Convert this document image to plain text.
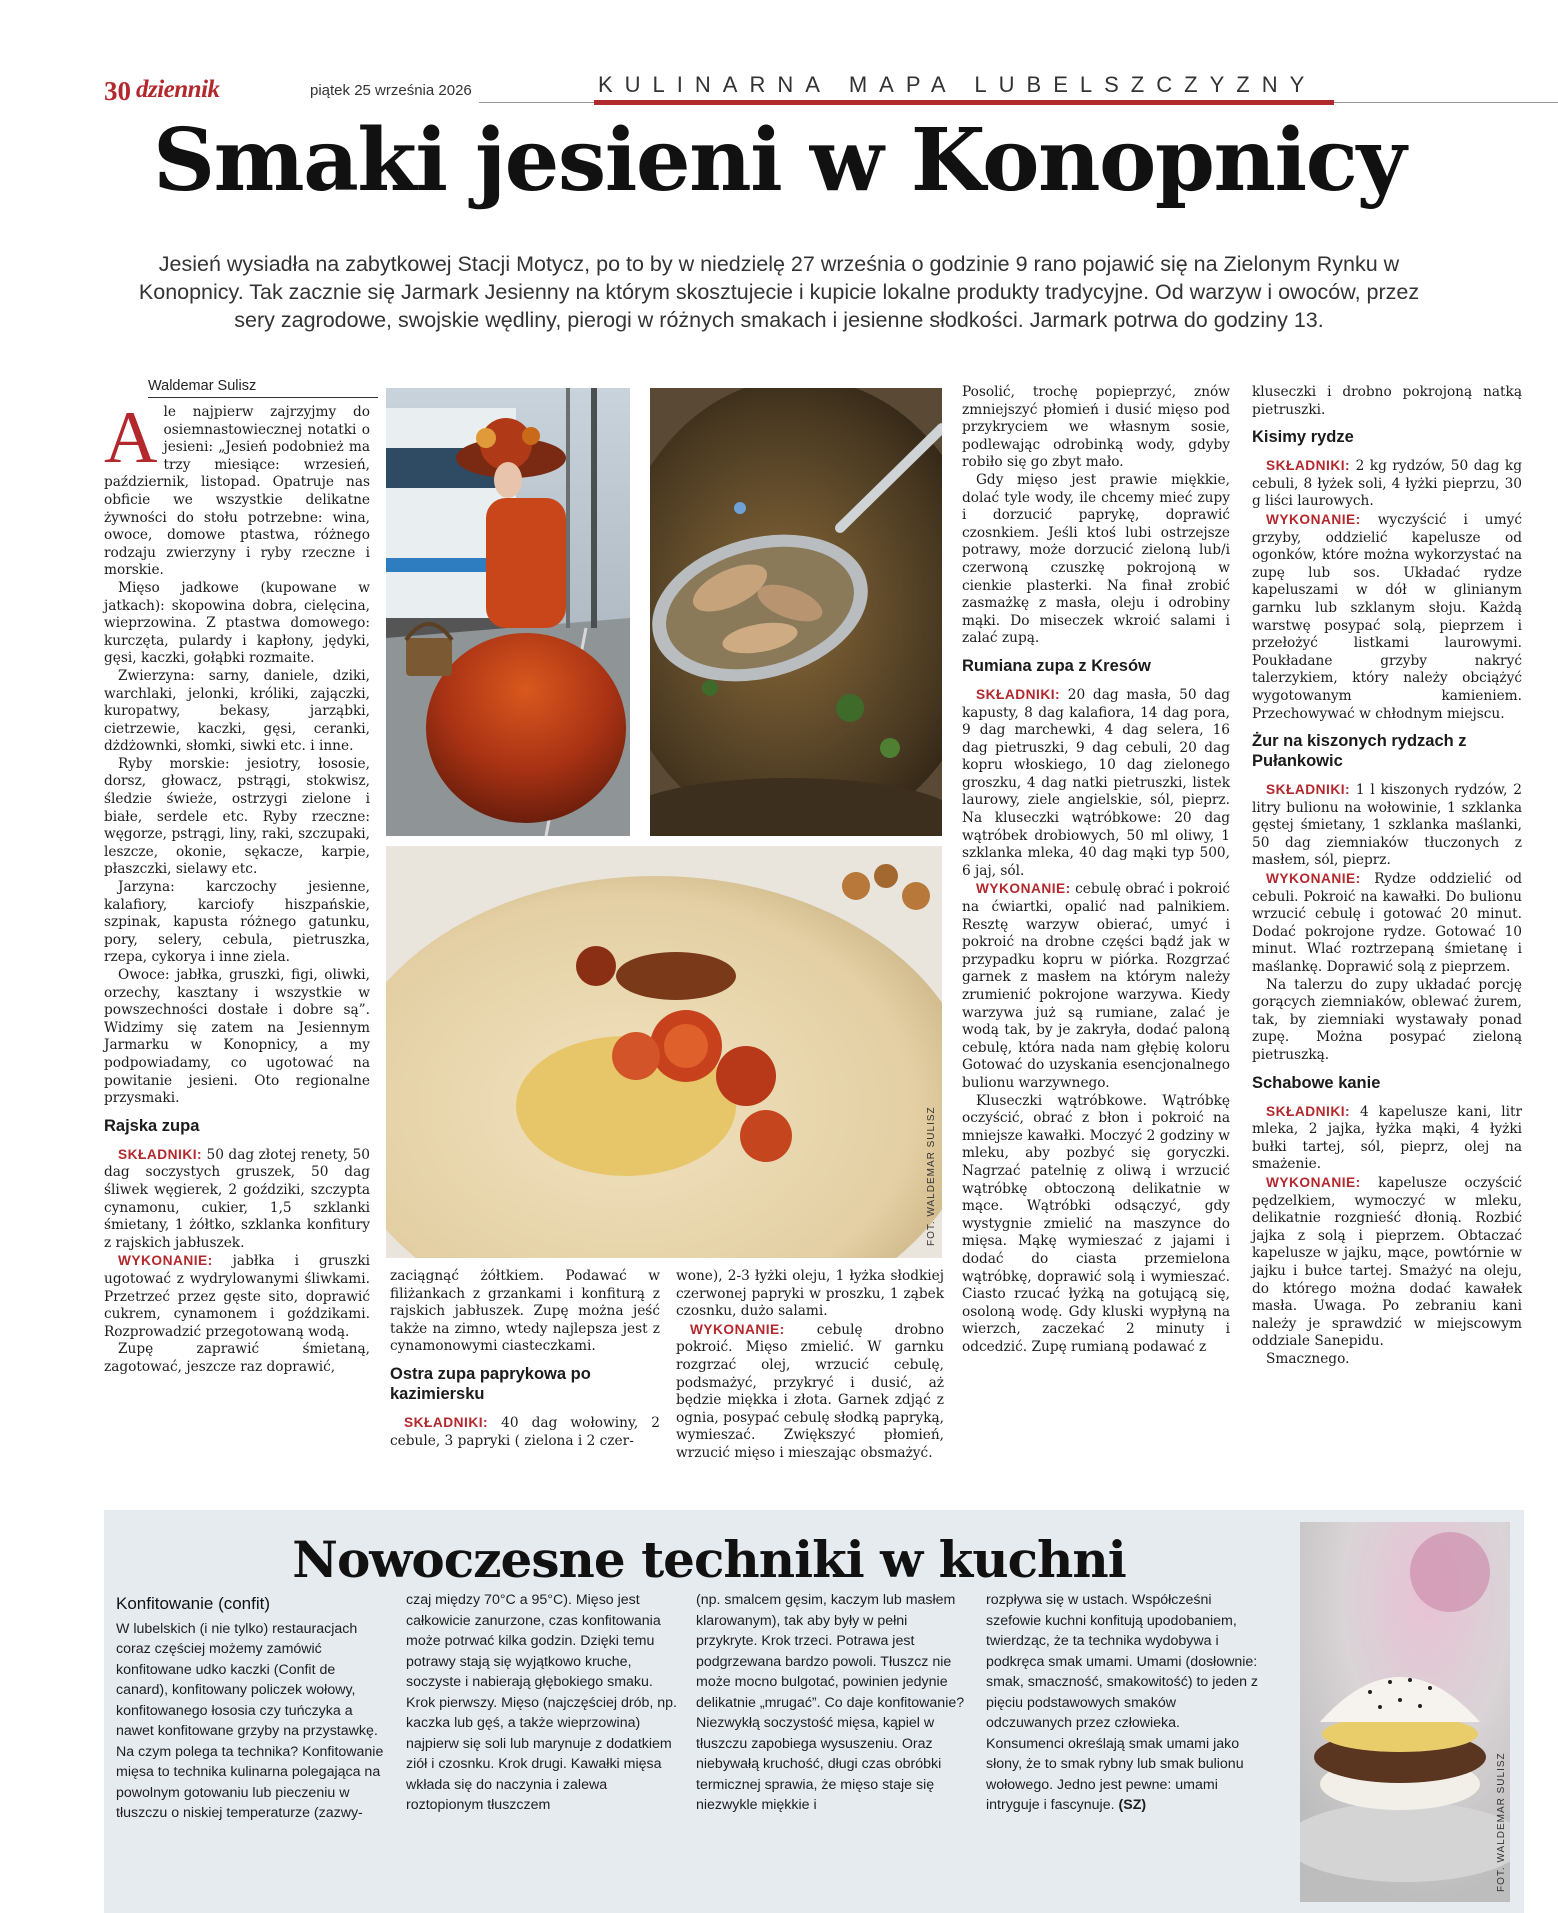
30 dziennik	piątek 25 września 2026	KULINARNA MAPA LUBELSZCZYZNY
Smaki jesieni w Konopnicy

Jesień wysiadła na zabytkowej Stacji Motycz, po to by w niedzielę 27 września o godzinie 9 rano pojawić się na Zielonym Rynku w Konopnicy. Tak zacznie się Jarmark Jesienny na którym skosztujecie i kupicie lokalne produkty tradycyjne. Od warzyw i owoców, przez sery zagrodowe, swojskie wędliny, pierogi w różnych smakach i jesienne słodkości. Jarmark potrwa do godziny 13.

Waldemar Sulisz
A le najpierw zajrzyjmy do osiemnastowiecznej notatki o jesieni: „Jesień podobnież ma trzy miesiące: wrzesień, październik, listopad. Opatruje nas obficie we wszystkie delikatne żywności do stołu potrzebne: wina, owoce, domowe ptastwa, różnego rodzaju zwierzyny i ryby rzeczne i morskie.

Mięso jadkowe (kupowane w jatkach): skopowina dobra, cielęcina, wieprzowina. Z ptastwa domowego: kurczęta, pulardy i kapłony, jędyki, gęsi, kaczki, gołąbki rozmaite.

Zwierzyna: sarny, daniele, dziki, warchlaki, jelonki, króliki, zajączki, kuropatwy, bekasy, jarząbki, cietrzewie, kaczki, gęsi, ceranki, dżdżownki, słomki, siwki etc. i inne.

Ryby morskie: jesiotry, łososie, dorsz, głowacz, pstrągi, stokwisz, śledzie świeże, ostrzygi zielone i białe, serdele etc. Ryby rzeczne: węgorze, pstrągi, liny, raki, szczupaki, leszcze, okonie, sękacze, karpie, płaszczki, sielawy etc.

Jarzyna: karczochy jesienne, kalafiory, karciofy hiszpańskie, szpinak, kapusta różnego gatunku, pory, selery, cebula, pietruszka, rzepa, cykorya i inne ziela.

Owoce: jabłka, gruszki, figi, oliwki, orzechy, kasztany i wszystkie w powszechności dostałe i dobre są”. Widzimy się zatem na Jesiennym Jarmarku w Konopnicy, a my podpowiadamy, co ugotować na powitanie jesieni. Oto regionalne przysmaki.

Rajska zupa

SKŁADNIKI: 50 dag złotej renety, 50 dag soczystych gruszek, 50 dag śliwek węgierek, 2 goździki, szczypta cynamonu, cukier, 1,5 szklanki śmietany, 1 żółtko, szklanka konfitury z rajskich jabłuszek.

WYKONANIE: jabłka i gruszki ugotować z wydrylowanymi śliwkami. Przetrzeć przez gęste sito, doprawić cukrem, cynamonem i goździkami. Rozprowadzić przegotowaną wodą.

Zupę zaprawić śmietaną, zagotować, jeszcze raz doprawić,

FOT. WALDEMAR SULISZ

zaciągnąć żółtkiem. Podawać w filiżankach z grzankami i konfiturą z rajskich jabłuszek. Zupę można jeść także na zimno, wtedy najlepsza jest z cynamonowymi ciasteczkami.

Ostra zupa paprykowa po kazimiersku

SKŁADNIKI: 40 dag wołowiny, 2 cebule, 3 papryki ( zielona i 2 czer-

wone), 2-3 łyżki oleju, 1 łyżka słodkiej czerwonej papryki w proszku, 1 ząbek czosnku, dużo salami.

WYKONANIE: cebulę drobno pokroić. Mięso zmielić. W garnku rozgrzać olej, wrzucić cebulę, podsmażyć, przykryć i dusić, aż będzie miękka i złota. Garnek zdjąć z ognia, posypać cebulę słodką papryką, wymieszać. Zwiększyć płomień, wrzucić mięso i mieszając obsmażyć.

Posolić, trochę popieprzyć, znów zmniejszyć płomień i dusić mięso pod przykryciem we własnym sosie, podlewając odrobinką wody, gdyby robiło się go zbyt mało.

Gdy mięso jest prawie miękkie, dolać tyle wody, ile chcemy mieć zupy i dorzucić paprykę, doprawić czosnkiem. Jeśli ktoś lubi ostrzejsze potrawy, może dorzucić zieloną lub/i czerwoną czuszkę pokrojoną w cienkie plasterki. Na finał zrobić zasmażkę z masła, oleju i odrobiny mąki. Do miseczek wkroić salami i zalać zupą.

Rumiana zupa z Kresów

SKŁADNIKI: 20 dag masła, 50 dag kapusty, 8 dag kalafiora, 14 dag pora, 9 dag marchewki, 4 dag selera, 16 dag pietruszki, 9 dag cebuli, 20 dag kopru włoskiego, 10 dag zielonego groszku, 4 dag natki pietruszki, listek laurowy, ziele angielskie, sól, pieprz. Na kluseczki wątróbkowe: 20 dag wątróbek drobiowych, 50 ml oliwy, 1 szklanka mleka, 40 dag mąki typ 500, 6 jaj, sól.

WYKONANIE: cebulę obrać i pokroić na ćwiartki, opalić nad palnikiem. Resztę warzyw obierać, umyć i pokroić na drobne części bądź jak w przypadku kopru w piórka. Rozgrzać garnek z masłem na którym należy zrumienić pokrojone warzywa. Kiedy warzywa już są rumiane, zalać je wodą tak, by je zakryła, dodać paloną cebulę, która nada nam głębię koloru Gotować do uzyskania esencjonalnego bulionu warzywnego.

Kluseczki wątróbkowe. Wątróbkę oczyścić, obrać z błon i pokroić na mniejsze kawałki. Moczyć 2 godziny w mleku, aby pozbyć się goryczki. Nagrzać patelnię z oliwą i wrzucić wątróbkę obtoczoną delikatnie w mące. Wątróbki odsączyć, gdy wystygnie zmielić na maszynce do mięsa. Mąkę wymieszać z jajami i dodać do ciasta przemielona wątróbkę, doprawić solą i wymieszać. Ciasto rzucać łyżką na gotującą się, osoloną wodę. Gdy kluski wypłyną na wierzch, zaczekać 2 minuty i odcedzić. Zupę rumianą podawać z

kluseczki i drobno pokrojoną natką pietruszki.

Kisimy rydze

SKŁADNIKI: 2 kg rydzów, 50 dag kg cebuli, 8 łyżek soli, 4 łyżki pieprzu, 30 g liści laurowych.

WYKONANIE: wyczyścić i umyć grzyby, oddzielić kapelusze od ogonków, które można wykorzystać na zupę lub sos. Układać rydze kapeluszami w dół w glinianym garnku lub szklanym słoju. Każdą warstwę posypać solą, pieprzem i przełożyć listkami laurowymi. Poukładane grzyby nakryć talerzykiem, który należy obciążyć wygotowanym kamieniem. Przechowywać w chłodnym miejscu.

Żur na kiszonych rydzach z Pułankowic

SKŁADNIKI: 1 l kiszonych rydzów, 2 litry bulionu na wołowinie, 1 szklanka gęstej śmietany, 1 szklanka maślanki, 50 dag ziemniaków tłuczonych z masłem, sól, pieprz.

WYKONANIE: Rydze oddzielić od cebuli. Pokroić na kawałki. Do bulionu wrzucić cebulę i gotować 20 minut. Dodać pokrojone rydze. Gotować 10 minut. Wlać roztrzepaną śmietanę i maślankę. Doprawić solą z pieprzem.

Na talerzu do zupy układać porcję gorących ziemniaków, oblewać żurem, tak, by ziemniaki wystawały ponad zupę. Można posypać zieloną pietruszką.

Schabowe kanie

SKŁADNIKI: 4 kapelusze kani, litr mleka, 2 jajka, łyżka mąki, 4 łyżki bułki tartej, sól, pieprz, olej na smażenie.

WYKONANIE: kapelusze oczyścić pędzelkiem, wymoczyć w mleku, delikatnie rozgnieść dłonią. Rozbić jajka z solą i pieprzem. Obtaczać kapelusze w jajku, mące, powtórnie w jajku i bułce tartej. Smażyć na oleju, do którego można dodać kawałek masła. Uwaga. Po zebraniu kani należy je sprawdzić w miejscowym oddziale Sanepidu.

Smacznego.

Nowoczesne techniki w kuchni
Konfitowanie (confit)

W lubelskich (i nie tylko) restauracjach coraz częściej możemy zamówić konfitowane udko kaczki (Confit de canard), konfitowany policzek wołowy, konfitowanego łososia czy tuńczyka a nawet konfitowane grzyby na przystawkę. Na czym polega ta technika? Konfitowanie mięsa to technika kulinarna polegająca na powolnym gotowaniu lub pieczeniu w tłuszczu o niskiej temperaturze (zazwy-

czaj między 70°C a 95°C). Mięso jest całkowicie zanurzone, czas konfitowania może potrwać kilka godzin. Dzięki temu potrawy stają się wyjątkowo kruche, soczyste i nabierają głębokiego smaku. Krok pierwszy. Mięso (najczęściej drób, np. kaczka lub gęś, a także wieprzowina) najpierw się soli lub marynuje z dodatkiem ziół i czosnku. Krok drugi. Kawałki mięsa wkłada się do naczynia i zalewa roztopionym tłuszczem

(np. smalcem gęsim, kaczym lub masłem klarowanym), tak aby były w pełni przykryte. Krok trzeci. Potrawa jest podgrzewana bardzo powoli. Tłuszcz nie może mocno bulgotać, powinien jedynie delikatnie „mrugać”. Co daje konfitowanie? Niezwykłą soczystość mięsa, kąpiel w tłuszczu zapobiega wysuszeniu. Oraz niebywałą kruchość, długi czas obróbki termicznej sprawia, że mięso staje się niezwykle miękkie i

rozpływa się w ustach. Współcześni szefowie kuchni konfitują upodobaniem, twierdząc, że ta technika wydobywa i podkręca smak umami. Umami (dosłownie: smak, smaczność, smakowitość) to jeden z pięciu podstawowych smaków odczuwanych przez człowieka. Konsumenci określają smak umami jako słony, że to smak rybny lub smak bulionu wołowego. Jedno jest pewne: umami intryguje i fascynuje. (SZ)	FOT. WALDEMAR SULISZ
